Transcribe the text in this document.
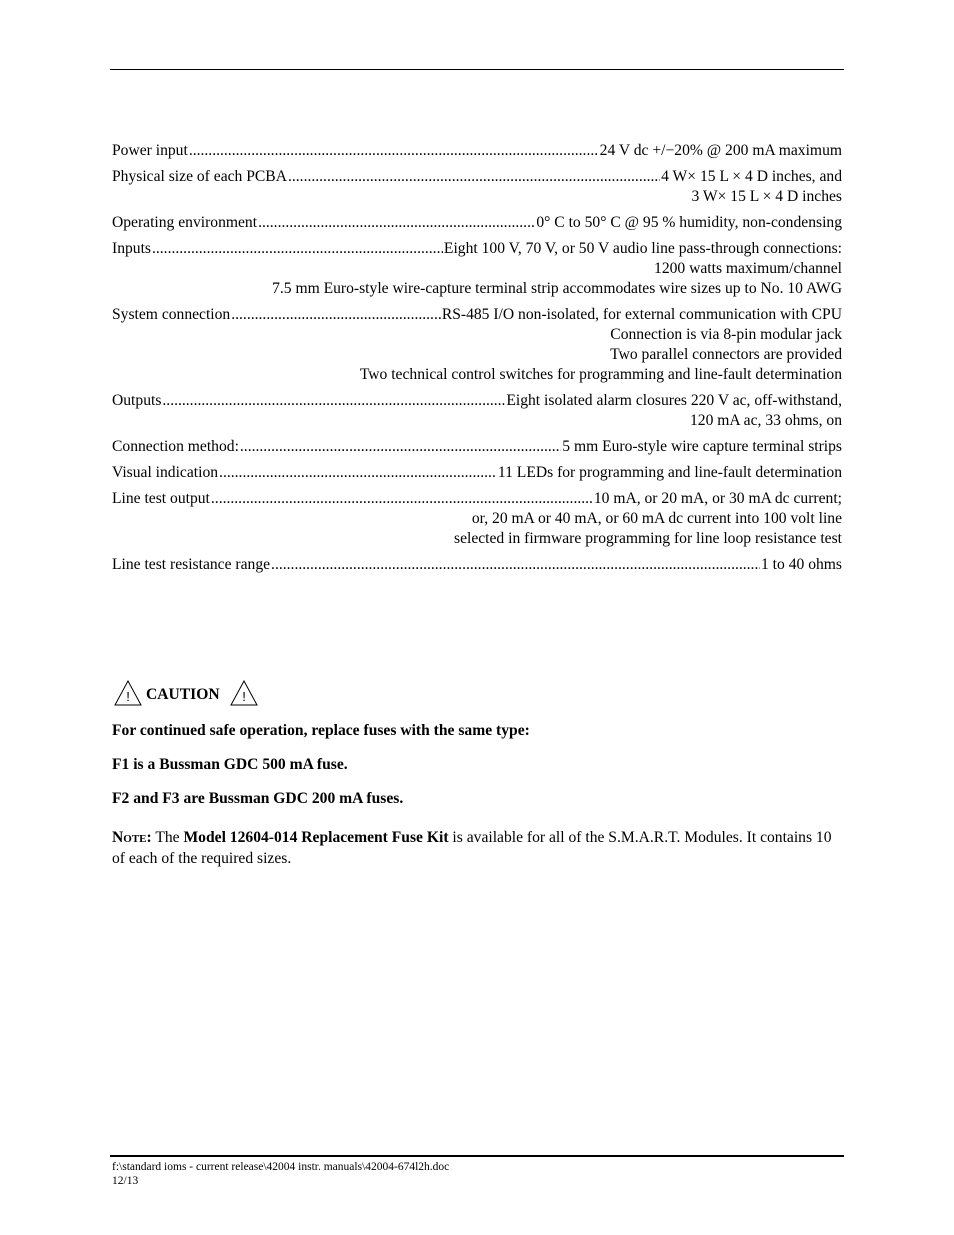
Power input .....	24 V dc +/−20% @ 200 mA maximum
Physical size of each PCBA .....	4 W× 15 L × 4 D inches, and
3 W× 15 L × 4 D inches
Operating environment .....	0° C to 50° C @ 95 % humidity, non-condensing
Inputs .....	Eight 100 V, 70 V, or 50 V audio line pass-through connections:
1200 watts maximum/channel
7.5 mm Euro-style wire-capture terminal strip accommodates wire sizes up to No. 10 AWG
System connection .....	RS-485 I/O non-isolated, for external communication with CPU
Connection is via 8-pin modular jack
Two parallel connectors are provided
Two technical control switches for programming and line-fault determination
Outputs .....	Eight isolated alarm closures 220 V ac, off-withstand,
120 mA ac, 33 ohms, on
Connection method: .....	5 mm Euro-style wire capture terminal strips
Visual indication .....	11 LEDs for programming and line-fault determination
Line test output .....	10 mA, or 20 mA, or 30 mA dc current;
or, 20 mA or 40 mA, or 60 mA dc current into 100 volt line
selected in firmware programming for line loop resistance test
Line test resistance range .....	1 to 40 ohms
! CAUTION !
For continued safe operation, replace fuses with the same type:
F1 is a Bussman GDC 500 mA fuse.
F2 and F3 are Bussman GDC 200 mA fuses.
Note: The Model 12604-014 Replacement Fuse Kit is available for all of the S.M.A.R.T. Modules. It contains 10 of each of the required sizes.
f:\standard ioms - current release\42004 instr. manuals\42004-674l2h.doc
12/13
